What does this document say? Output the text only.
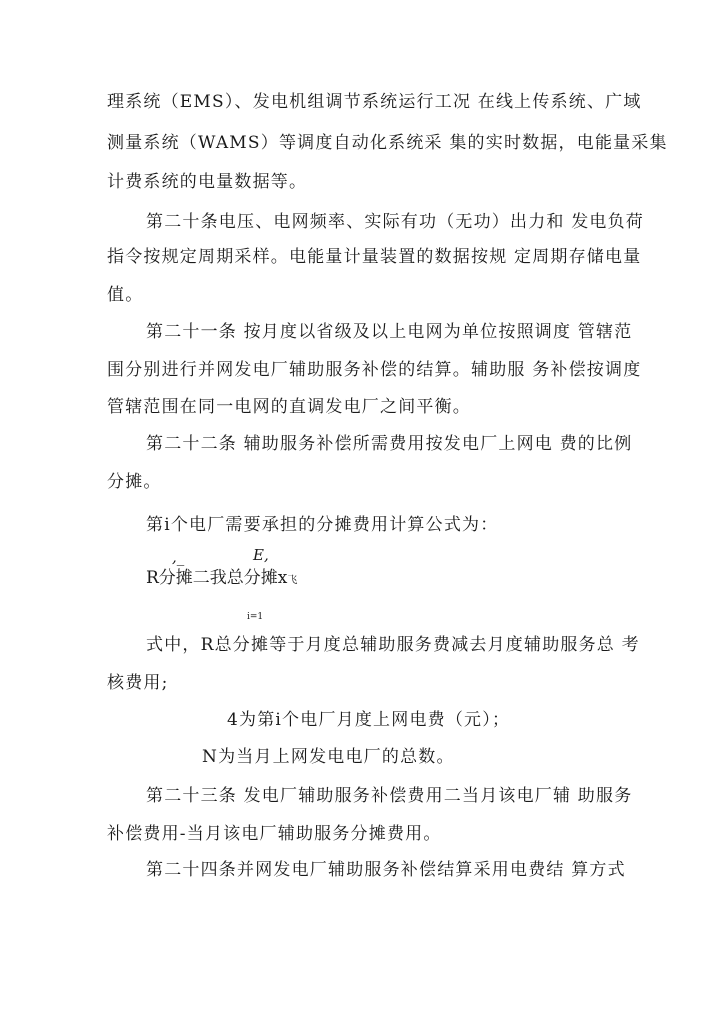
理系统（EMS）、发电机组调节系统运行工况 在线上传系统、广域
测量系统（WAMS）等调度自动化系统采 集的实时数据，电能量采集
计费系统的电量数据等。
第二十条电压、电网频率、实际有功（无功）出力和 发电负荷
指令按规定周期采样。电能量计量装置的数据按规 定周期存储电量
值。
第二十一条 按月度以省级及以上电网为单位按照调度 管辖范
围分别进行并网发电厂辅助服务补偿的结算。辅助服 务补偿按调度
管辖范围在同一电网的直调发电厂之间平衡。
第二十二条 辅助服务补偿所需费用按发电厂上网电 费的比例
分摊。
第i个电厂需要承担的分摊费用计算公式为：
,_	E,
R分摊二我总分摊x飞
i=1
式中，R总分摊等于月度总辅助服务费减去月度辅助服务总 考
核费用;
4为第i个电厂月度上网电费（元）；
N为当月上网发电电厂的总数。
第二十三条 发电厂辅助服务补偿费用二当月该电厂辅 助服务
补偿费用-当月该电厂辅助服务分摊费用。
第二十四条并网发电厂辅助服务补偿结算采用电费结 算方式
